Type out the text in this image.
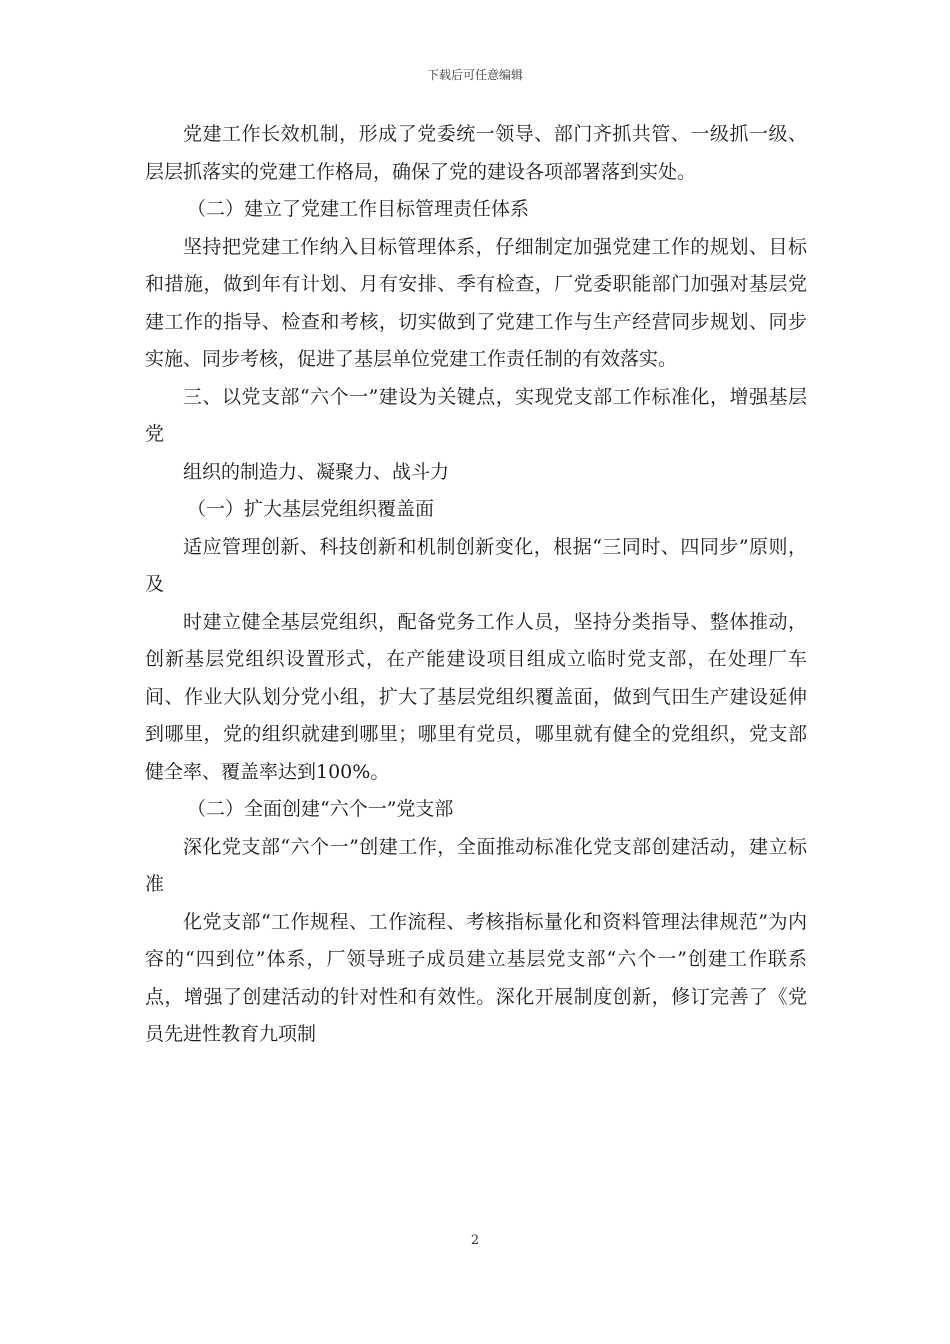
下载后可任意编辑

党建工作长效机制，形成了党委统一领导、部门齐抓共管、一级抓一级、层层抓落实的党建工作格局，确保了党的建设各项部署落到实处。

（二）建立了党建工作目标管理责任体系

坚持把党建工作纳入目标管理体系，仔细制定加强党建工作的规划、目标和措施，做到年有计划、月有安排、季有检查，厂党委职能部门加强对基层党建工作的指导、检查和考核，切实做到了党建工作与生产经营同步规划、同步实施、同步考核，促进了基层单位党建工作责任制的有效落实。

三、以党支部“六个一”建设为关键点，实现党支部工作标准化，增强基层党

组织的制造力、凝聚力、战斗力

（一）扩大基层党组织覆盖面

适应管理创新、科技创新和机制创新变化，根据“三同时、四同步”原则，及

时建立健全基层党组织，配备党务工作人员，坚持分类指导、整体推动，创新基层党组织设置形式，在产能建设项目组成立临时党支部，在处理厂车间、作业大队划分党小组，扩大了基层党组织覆盖面，做到气田生产建设延伸到哪里，党的组织就建到哪里；哪里有党员，哪里就有健全的党组织，党支部健全率、覆盖率达到100%。

（二）全面创建“六个一”党支部

深化党支部“六个一”创建工作，全面推动标准化党支部创建活动，建立标准

化党支部“工作规程、工作流程、考核指标量化和资料管理法律规范”为内容的“四到位”体系，厂领导班子成员建立基层党支部“六个一”创建工作联系点，增强了创建活动的针对性和有效性。深化开展制度创新，修订完善了《党员先进性教育九项制

2
